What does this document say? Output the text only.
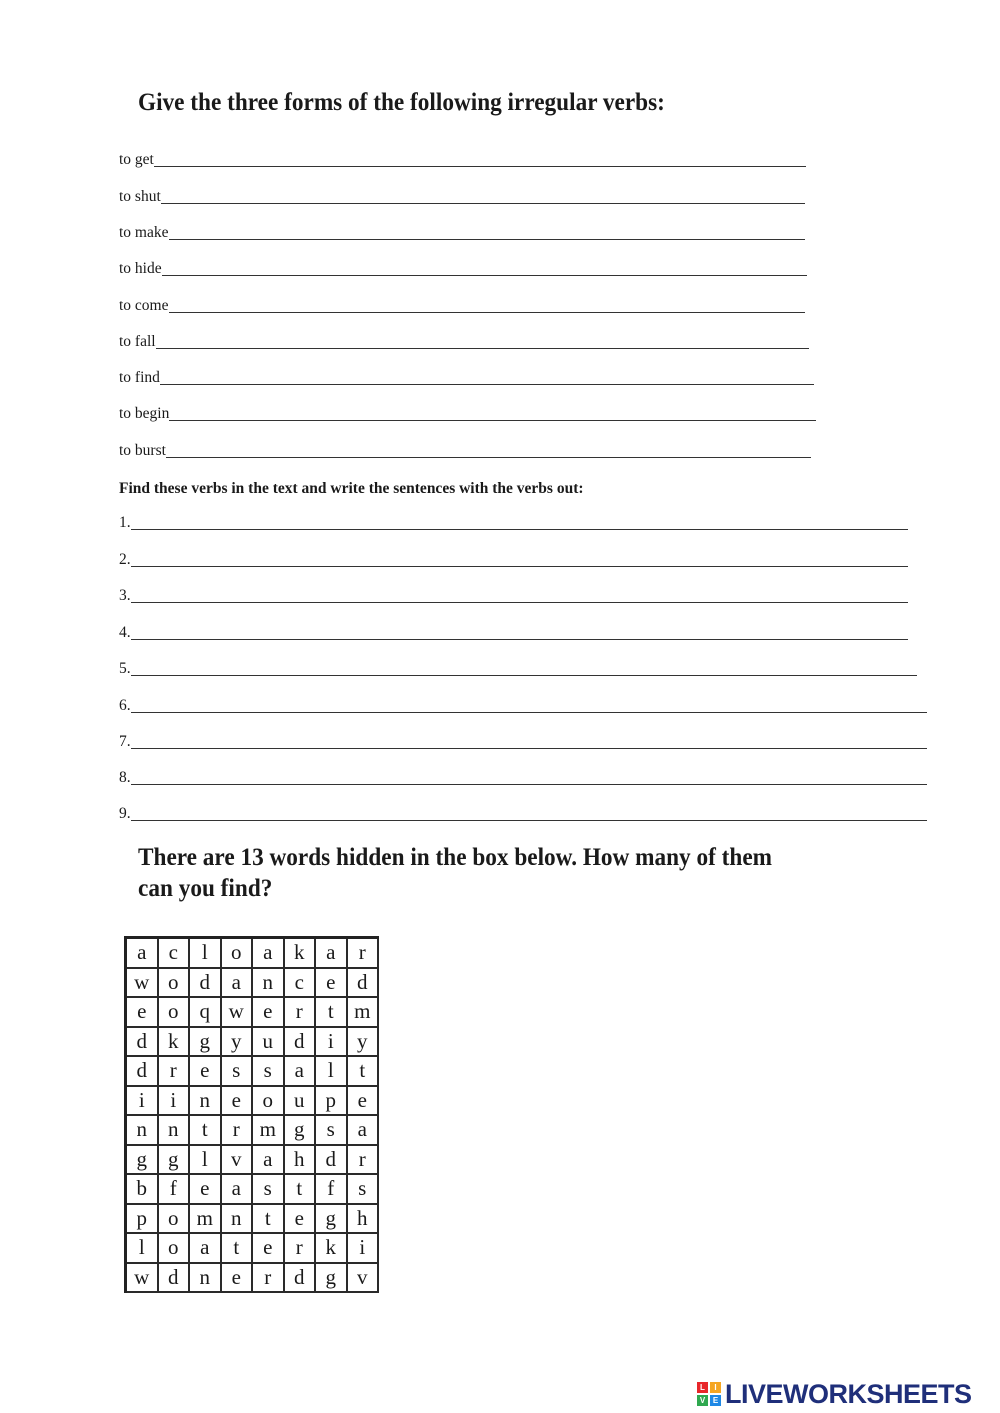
Give the three forms of the following irregular verbs:
to get
to shut
to make
to hide
to come
to fall
to find
to begin
to burst

Find these verbs in the text and write the sentences with the verbs out:

1.
2.
3.
4.
5.
6.
7.
8.
9.
There are 13 words hidden in the box below. How many of them can you find?
a	c	l	o	a	k	a	r
w	o	d	a	n	c	e	d
e	o	q	w	e	r	t	m
d	k	g	y	u	d	i	y
d	r	e	s	s	a	l	t
i	i	n	e	o	u	p	e
n	n	t	r	m	g	s	a
g	g	l	v	a	h	d	r
b	f	e	a	s	t	f	s
p	o	m	n	t	e	g	h
l	o	a	t	e	r	k	i
w	d	n	e	r	d	g	v
L	I
V E LIVEWORKSHEETS
